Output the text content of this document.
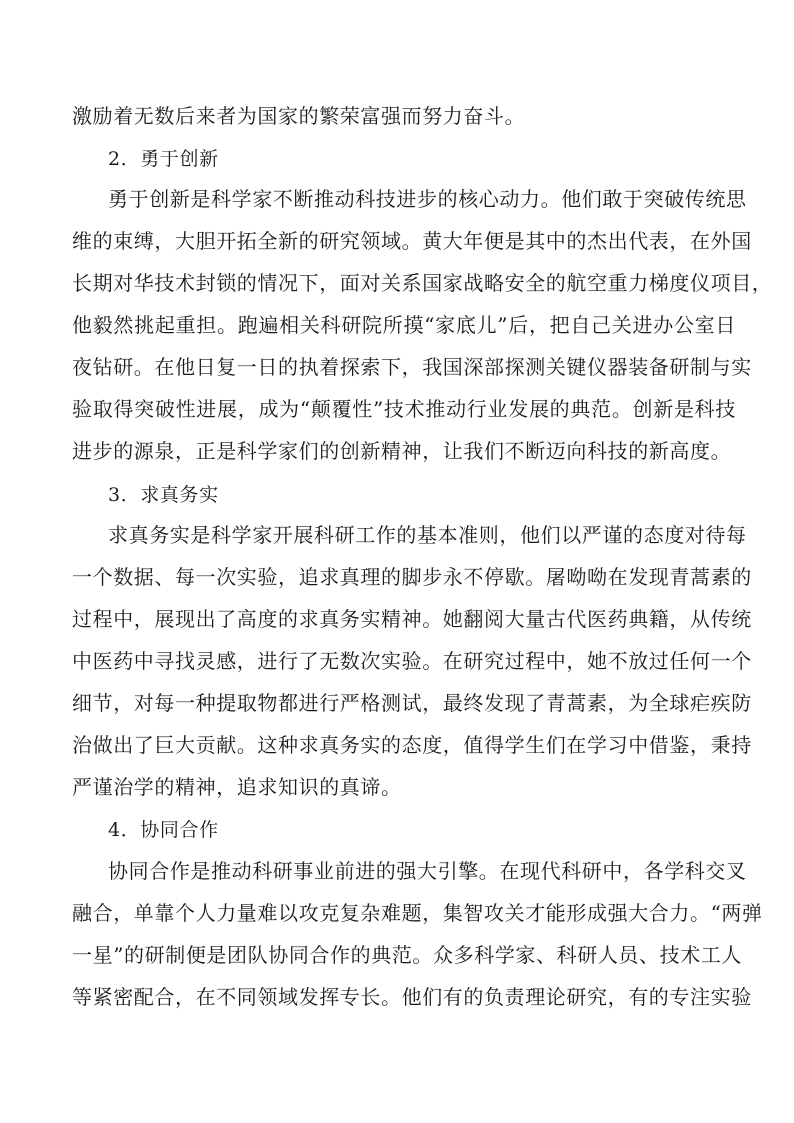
激励着无数后来者为国家的繁荣富强而努力奋斗。
2．勇于创新
勇于创新是科学家不断推动科技进步的核心动力。他们敢于突破传统思
维的束缚，大胆开拓全新的研究领域。黄大年便是其中的杰出代表，在外国
长期对华技术封锁的情况下，面对关系国家战略安全的航空重力梯度仪项目，
他毅然挑起重担。跑遍相关科研院所摸“家底儿”后，把自己关进办公室日
夜钻研。在他日复一日的执着探索下，我国深部探测关键仪器装备研制与实
验取得突破性进展，成为“颠覆性”技术推动行业发展的典范。创新是科技
进步的源泉，正是科学家们的创新精神，让我们不断迈向科技的新高度。
3．求真务实
求真务实是科学家开展科研工作的基本准则，他们以严谨的态度对待每
一个数据、每一次实验，追求真理的脚步永不停歇。屠呦呦在发现青蒿素的
过程中，展现出了高度的求真务实精神。她翻阅大量古代医药典籍，从传统
中医药中寻找灵感，进行了无数次实验。在研究过程中，她不放过任何一个
细节，对每一种提取物都进行严格测试，最终发现了青蒿素，为全球疟疾防
治做出了巨大贡献。这种求真务实的态度，值得学生们在学习中借鉴，秉持
严谨治学的精神，追求知识的真谛。
4．协同合作
协同合作是推动科研事业前进的强大引擎。在现代科研中，各学科交叉
融合，单靠个人力量难以攻克复杂难题，集智攻关才能形成强大合力。“两弹
一星”的研制便是团队协同合作的典范。众多科学家、科研人员、技术工人
等紧密配合，在不同领域发挥专长。他们有的负责理论研究，有的专注实验
